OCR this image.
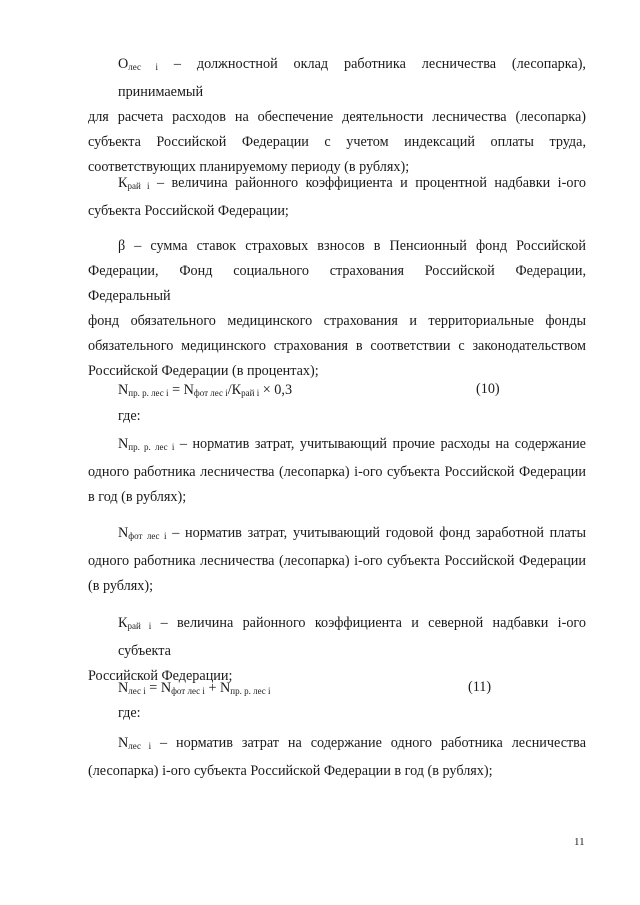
$О_{лес i}$ – должностной оклад работника лесничества (лесопарка), принимаемый
для расчета расходов на обеспечение деятельности лесничества (лесопарка)
субъекта Российской Федерации с учетом индексаций оплаты труда,
соответствующих планируемому периоду (в рублях);
$К_{рай i}$ – величина районного коэффициента и процентной надбавки i-ого
субъекта Российской Федерации;
β – сумма ставок страховых взносов в Пенсионный фонд Российской
Федерации, Фонд социального страхования Российской Федерации, Федеральный
фонд обязательного медицинского страхования и территориальные фонды
обязательного медицинского страхования в соответствии с законодательством
Российской Федерации (в процентах);
$N_{пр. р. лес i} = N_{фот лес i}/К_{рай i} \times 0,3$	(10)
где:
$N_{пр. р. лес i}$ – норматив затрат, учитывающий прочие расходы на содержание
одного работника лесничества (лесопарка) i-ого субъекта Российской Федерации
в год (в рублях);
$N_{фот лес i}$ – норматив затрат, учитывающий годовой фонд заработной платы
одного работника лесничества (лесопарка) i-ого субъекта Российской Федерации
(в рублях);
$К_{рай i}$ – величина районного коэффициента и северной надбавки i-ого субъекта
Российской Федерации;
$N_{лес i} = N_{фот лес i} + N_{пр. р. лес i}$	(11)
где:
$N_{лес i}$ – норматив затрат на содержание одного работника лесничества
(лесопарка) i-ого субъекта Российской Федерации в год (в рублях);
11
